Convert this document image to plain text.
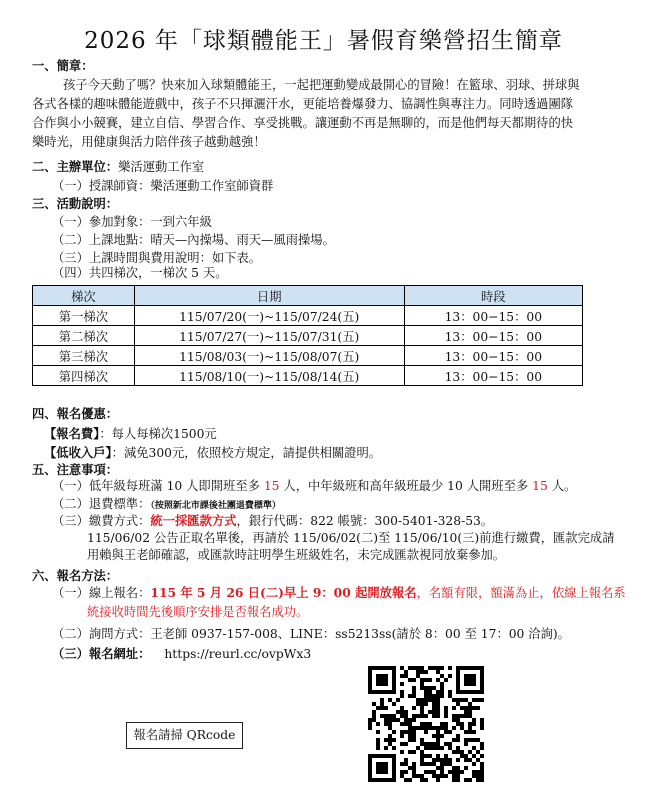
2026 年「球類體能王」暑假育樂營招生簡章
一、簡章：
孩子今天動了嗎？快來加入球類體能王，一起把運動變成最開心的冒險！在籃球、羽球、拼球與
各式各樣的趣味體能遊戲中，孩子不只揮灑汗水，更能培養爆發力、協調性與專注力。同時透過團隊
合作與小小競賽，建立自信、學習合作、享受挑戰。讓運動不再是無聊的，而是他們每天都期待的快
樂時光，用健康與活力陪伴孩子越動越強！
二、主辦單位：樂活運動工作室
（一）授課師資：樂活運動工作室師資群
三、活動說明：
（一）參加對象：一到六年級
（二）上課地點：晴天—內操場、雨天—風雨操場。
（三）上課時間與費用說明：如下表。
（四）共四梯次，一梯次 5 天。
梯次	日期	時段
第一梯次	115/07/20(一)~115/07/24(五)	13：00−15：00
第二梯次	115/07/27(一)~115/07/31(五)	13：00−15：00
第三梯次	115/08/03(一)~115/08/07(五)	13：00−15：00
第四梯次	115/08/10(一)~115/08/14(五)	13：00−15：00
四、報名優惠：
【報名費】：每人每梯次1500元
【低收入戶】：減免300元，依照校方規定，請提供相關證明。
五、注意事項：
（一）低年級每班滿 10 人即開班至多 15 人，中年級班和高年級班最少 10 人開班至多 15 人。
（二）退費標準：（按照新北市課後社團退費標準）
（三）繳費方式：統一採匯款方式，銀行代碼：822 帳號：300-5401-328-53。
115/06/02 公告正取名單後，再請於 115/06/02(二)至 115/06/10(三)前進行繳費，匯款完成請
用賴與王老師確認，或匯款時註明學生班級姓名，未完成匯款視同放棄參加。
六、報名方法：
（一）線上報名：115 年 5 月 26 日(二)早上 9：00 起開放報名，名額有限，額滿為止，依線上報名系
統接收時間先後順序安排是否報名成功。
（二）詢問方式：王老師 0937-157-008、LINE：ss5213ss(請於 8：00 至 17：00 洽詢)。
（三）報名網址： https://reurl.cc/ovpWx3
報名請掃 QRcode
